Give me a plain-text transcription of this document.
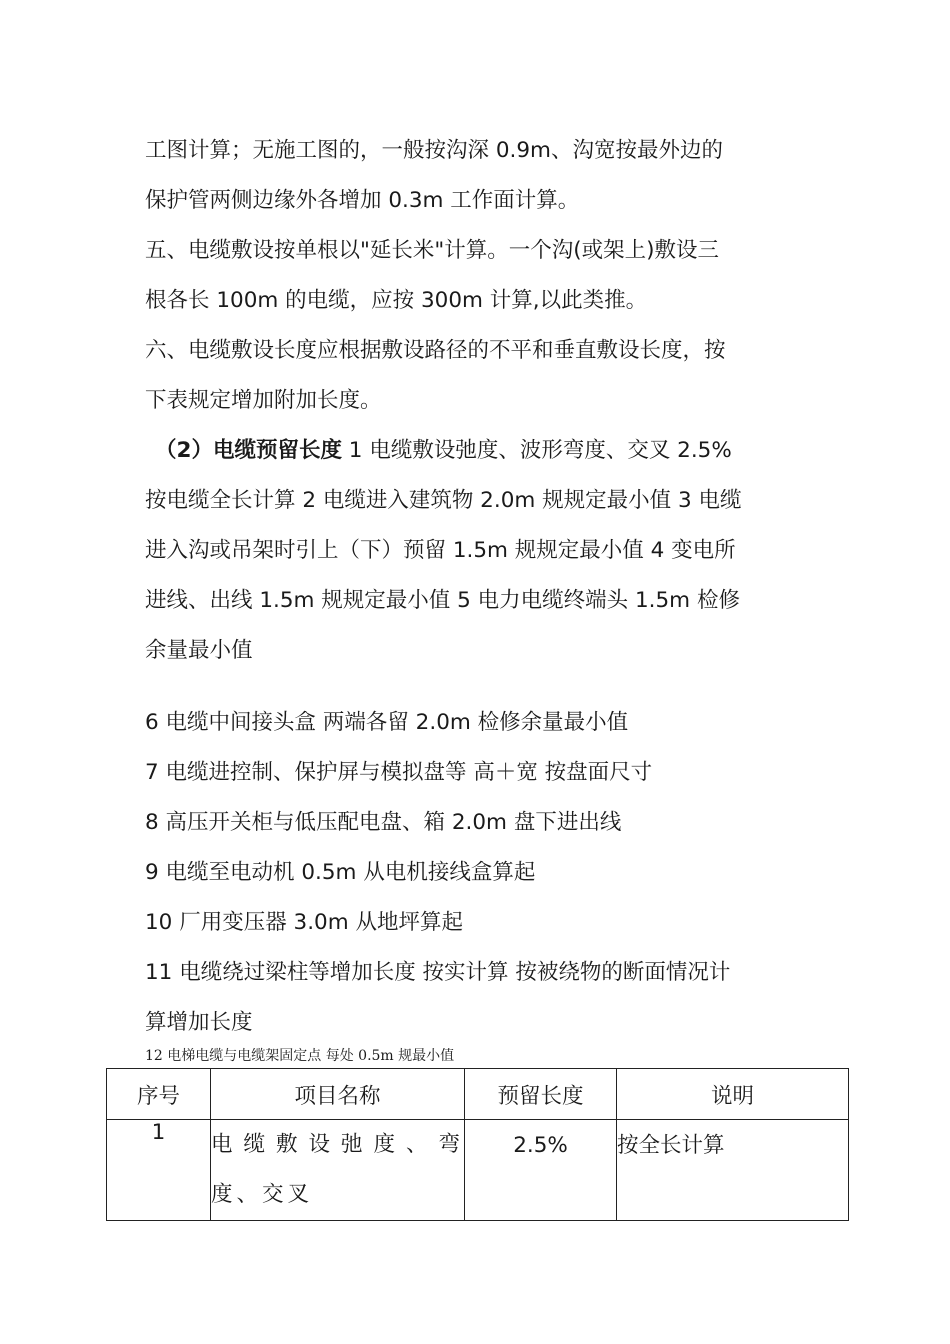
工图计算；无施工图的，一般按沟深 0.9m、沟宽按最外边的

保护管两侧边缘外各增加 0.3m 工作面计算。

五、电缆敷设按单根以"延长米"计算。一个沟(或架上)敷设三

根各长 100m 的电缆，应按 300m 计算,以此类推。

六、电缆敷设长度应根据敷设路径的不平和垂直敷设长度，按

下表规定增加附加长度。

（2）电缆预留长度 1 电缆敷设弛度、波形弯度、交叉 2.5%

按电缆全长计算 2 电缆进入建筑物 2.0m 规规定最小值 3 电缆

进入沟或吊架时引上（下）预留 1.5m 规规定最小值 4 变电所

进线、出线 1.5m 规规定最小值 5 电力电缆终端头 1.5m 检修

余量最小值

6 电缆中间接头盒 两端各留 2.0m 检修余量最小值

7 电缆进控制、保护屏与模拟盘等 高＋宽 按盘面尺寸

8 高压开关柜与低压配电盘、箱 2.0m 盘下进出线

9 电缆至电动机 0.5m 从电机接线盒算起

10 厂用变压器 3.0m 从地坪算起

11 电缆绕过梁柱等增加长度 按实计算 按被绕物的断面情况计

算增加长度

12 电梯电缆与电缆架固定点 每处 0.5m 规最小值
序号	项目名称	预留长度	说明
1	电缆敷设弛度、弯度、交叉	2.5%	按全长计算
